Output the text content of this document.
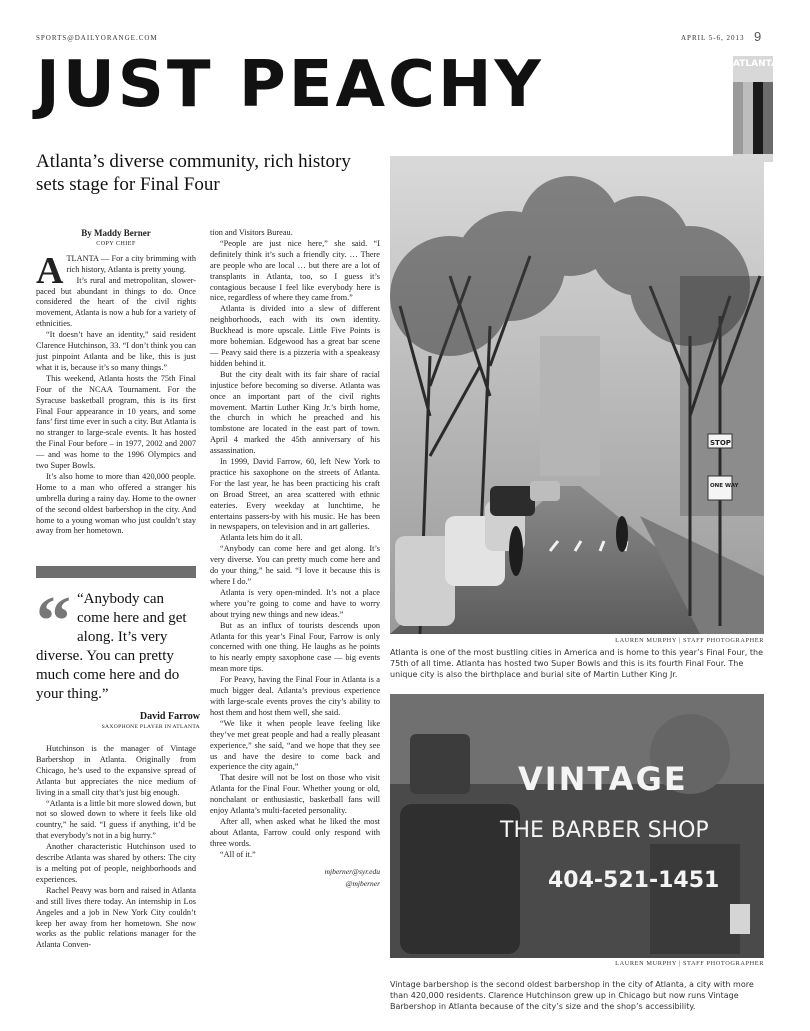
SPORTS@DAILYORANGE.COM	APRIL 5-6, 2013 9
ATLANTA
JUST PEACHY
Atlanta’s diverse community, rich history sets stage for Final Four
By Maddy Berner
COPY CHIEF
A TLANTA — For a city brimming with rich history, Atlanta is pretty young.

It’s rural and metropolitan, slower-paced but abundant in things to do. Once considered the heart of the civil rights movement, Atlanta is now a hub for a variety of ethnicities.

“It doesn’t have an identity,” said resident Clarence Hutchinson, 33. “I don’t think you can just pinpoint Atlanta and be like, this is just what it is, because it’s so many things.”

This weekend, Atlanta hosts the 75th Final Four of the NCAA Tournament. For the Syracuse basketball program, this is its first Final Four appearance in 10 years, and some fans’ first time ever in such a city. But Atlanta is no stranger to large-scale events. It has hosted the Final Four before – in 1977, 2002 and 2007 — and was home to the 1996 Olympics and two Super Bowls.

It’s also home to more than 420,000 people. Home to a man who offered a stranger his umbrella during a rainy day. Home to the owner of the second oldest barbershop in the city. And home to a young woman who just couldn’t stay away from her hometown.

“ “Anybody can come here and get along. It’s very diverse. You can pretty much come here and do your thing.”
David Farrow
SAXOPHONE PLAYER IN ATLANTA

Hutchinson is the manager of Vintage Barbershop in Atlanta. Originally from Chicago, he’s used to the expansive spread of Atlanta but appreciates the nice medium of living in a small city that’s just big enough.

“Atlanta is a little bit more slowed down, but not so slowed down to where it feels like old country,” he said. “I guess if anything, it’d be that everybody’s not in a big hurry.”

Another characteristic Hutchinson used to describe Atlanta was shared by others: The city is a melting pot of people, neighborhoods and experiences.

Rachel Peavy was born and raised in Atlanta and still lives there today. An internship in Los Angeles and a job in New York City couldn’t keep her away from her hometown. She now works as the public relations manager for the Atlanta Conven-

tion and Visitors Bureau.

“People are just nice here,” she said. “I definitely think it’s such a friendly city. … There are people who are local … but there are a lot of transplants in Atlanta, too, so I guess it’s contagious because I feel like everybody here is nice, regardless of where they came from.”

Atlanta is divided into a slew of different neighborhoods, each with its own identity. Buckhead is more upscale. Little Five Points is more bohemian. Edgewood has a great bar scene — Peavy said there is a pizzeria with a speakeasy hidden behind it.

But the city dealt with its fair share of racial injustice before becoming so diverse. Atlanta was once an important part of the civil rights movement. Martin Luther King Jr.’s birth home, the church in which he preached and his tombstone are located in the east part of town. April 4 marked the 45th anniversary of his assassination.

In 1999, David Farrow, 60, left New York to practice his saxophone on the streets of Atlanta. For the last year, he has been practicing his craft on Broad Street, an area scattered with ethnic eateries. Every weekday at lunchtime, he entertains passers-by with his music. He has been in newspapers, on television and in art galleries.

Atlanta lets him do it all.

“Anybody can come here and get along. It’s very diverse. You can pretty much come here and do your thing,” he said. “I love it because this is where I do.”

Atlanta is very open-minded. It’s not a place where you’re going to come and have to worry about trying new things and new ideas.”

But as an influx of tourists descends upon Atlanta for this year’s Final Four, Farrow is only concerned with one thing. He laughs as he points to his nearly empty saxophone case — big events mean more tips.

For Peavy, having the Final Four in Atlanta is a much bigger deal. Atlanta’s previous experience with large-scale events proves the city’s ability to host them and host them well, she said.

“We like it when people leave feeling like they’ve met great people and had a really pleasant experience,” she said, “and we hope that they see us and have the desire to come back and experience the city again,”

That desire will not be lost on those who visit Atlanta for the Final Four. Whether young or old, nonchalant or enthusiastic, basketball fans will enjoy Atlanta’s multi-faceted personality.

After all, when asked what he liked the most about Atlanta, Farrow could only respond with three words.

“All of it.”

mjberner@syr.edu
@mjberner
STOP
ONE WAY
LAUREN MURPHY | STAFF PHOTOGRAPHER
Atlanta is one of the most bustling cities in America and is home to this year’s Final Four, the 75th of all time. Atlanta has hosted two Super Bowls and this is its fourth Final Four. The unique city is also the birthplace and burial site of Martin Luther King Jr.
VINTAGE
THE BARBER SHOP
404-521-1451
LAUREN MURPHY | STAFF PHOTOGRAPHER
Vintage barbershop is the second oldest barbershop in the city of Atlanta, a city with more than 420,000 residents. Clarence Hutchinson grew up in Chicago but now runs Vintage Barbershop in Atlanta because of the city’s size and the shop’s accessibility.
